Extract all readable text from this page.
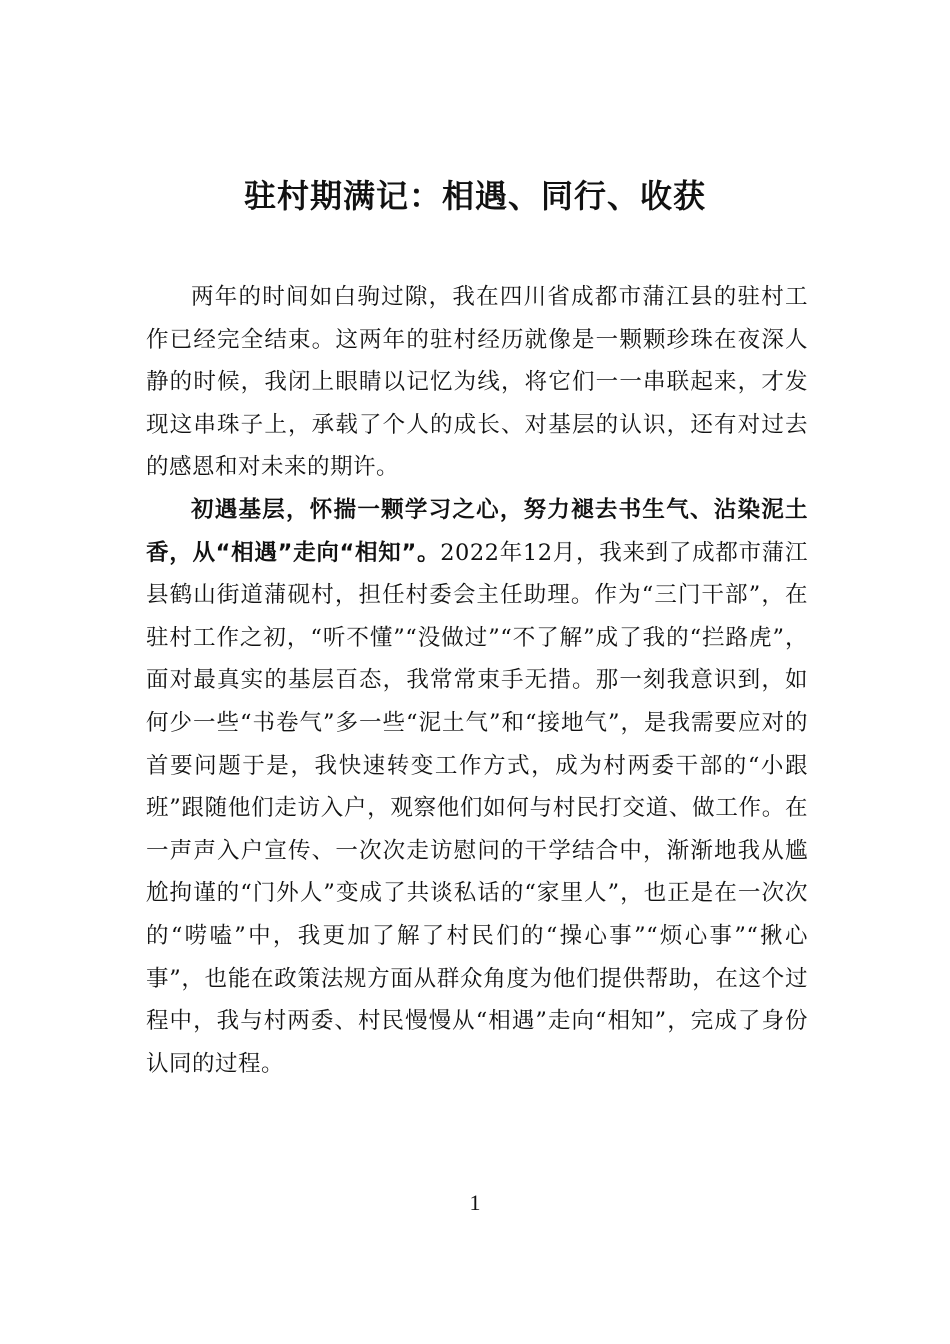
驻村期满记：相遇、同行、收获

两年的时间如白驹过隙，我在四川省成都市蒲江县的驻村工作已经完全结束。这两年的驻村经历就像是一颗颗珍珠在夜深人静的时候，我闭上眼睛以记忆为线，将它们一一串联起来，才发现这串珠子上，承载了个人的成长、对基层的认识，还有对过去的感恩和对未来的期许。

初遇基层，怀揣一颗学习之心，努力褪去书生气、沾染泥土香，从“相遇”走向“相知”。2022年12月，我来到了成都市蒲江县鹤山街道蒲砚村，担任村委会主任助理。作为“三门干部”，在驻村工作之初，“听不懂”“没做过”“不了解”成了我的“拦路虎”，面对最真实的基层百态，我常常束手无措。那一刻我意识到，如何少一些“书卷气”多一些“泥土气”和“接地气”，是我需要应对的首要问题于是，我快速转变工作方式，成为村两委干部的“小跟班”跟随他们走访入户，观察他们如何与村民打交道、做工作。在一声声入户宣传、一次次走访慰问的干学结合中，渐渐地我从尴尬拘谨的“门外人”变成了共谈私话的“家里人”，也正是在一次次的“唠嗑”中，我更加了解了村民们的“操心事”“烦心事”“揪心事”，也能在政策法规方面从群众角度为他们提供帮助，在这个过程中，我与村两委、村民慢慢从“相遇”走向“相知”，完成了身份认同的过程。

1
